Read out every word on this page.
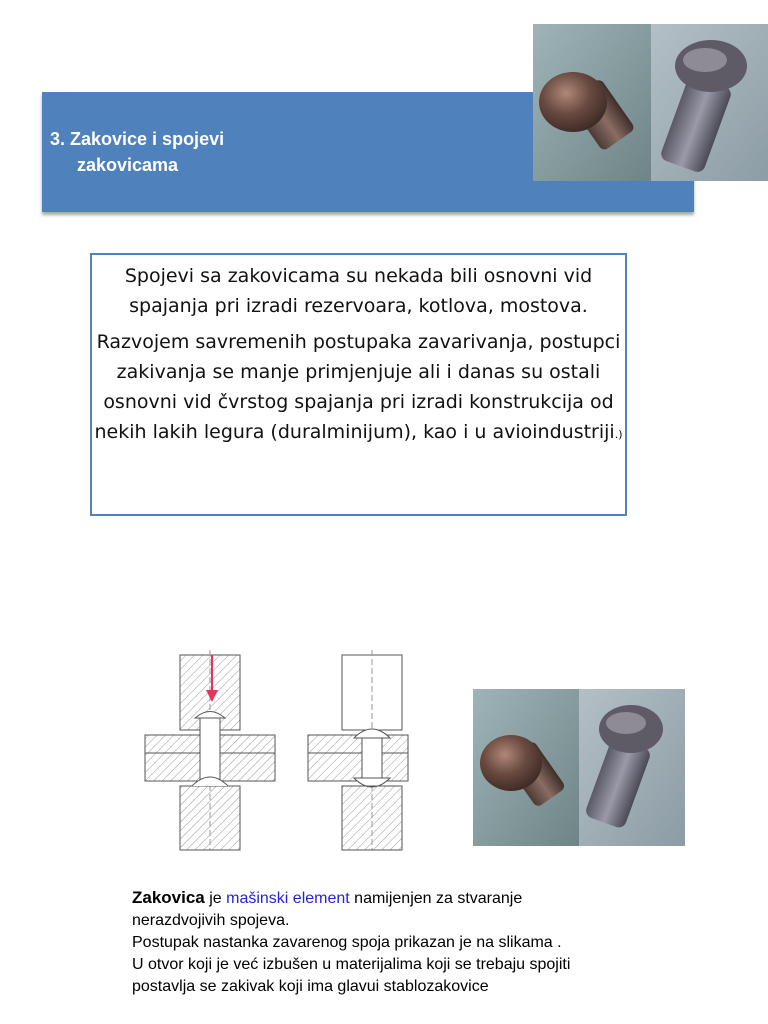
3. Zakovice i spojevi
zakovicama

Spojevi sa zakovicama su nekada bili osnovni vid spajanja pri izradi rezervoara, kotlova, mostova.

Razvojem savremenih postupaka zavarivanja, postupci zakivanja se manje primjenjuje ali i danas su ostali osnovni vid čvrstog spajanja pri izradi konstrukcija od nekih lakih legura (duralminijum), kao i u avioindustriji.)

Zakovica je mašinski element namijenjen za stvaranje nerazdvojivih spojeva.

Postupak nastanka zavarenog spoja prikazan je na slikama .

U otvor koji je već izbušen u materijalima koji se trebaju spojiti postavlja se zakivak koji ima glavui stablozakovice
